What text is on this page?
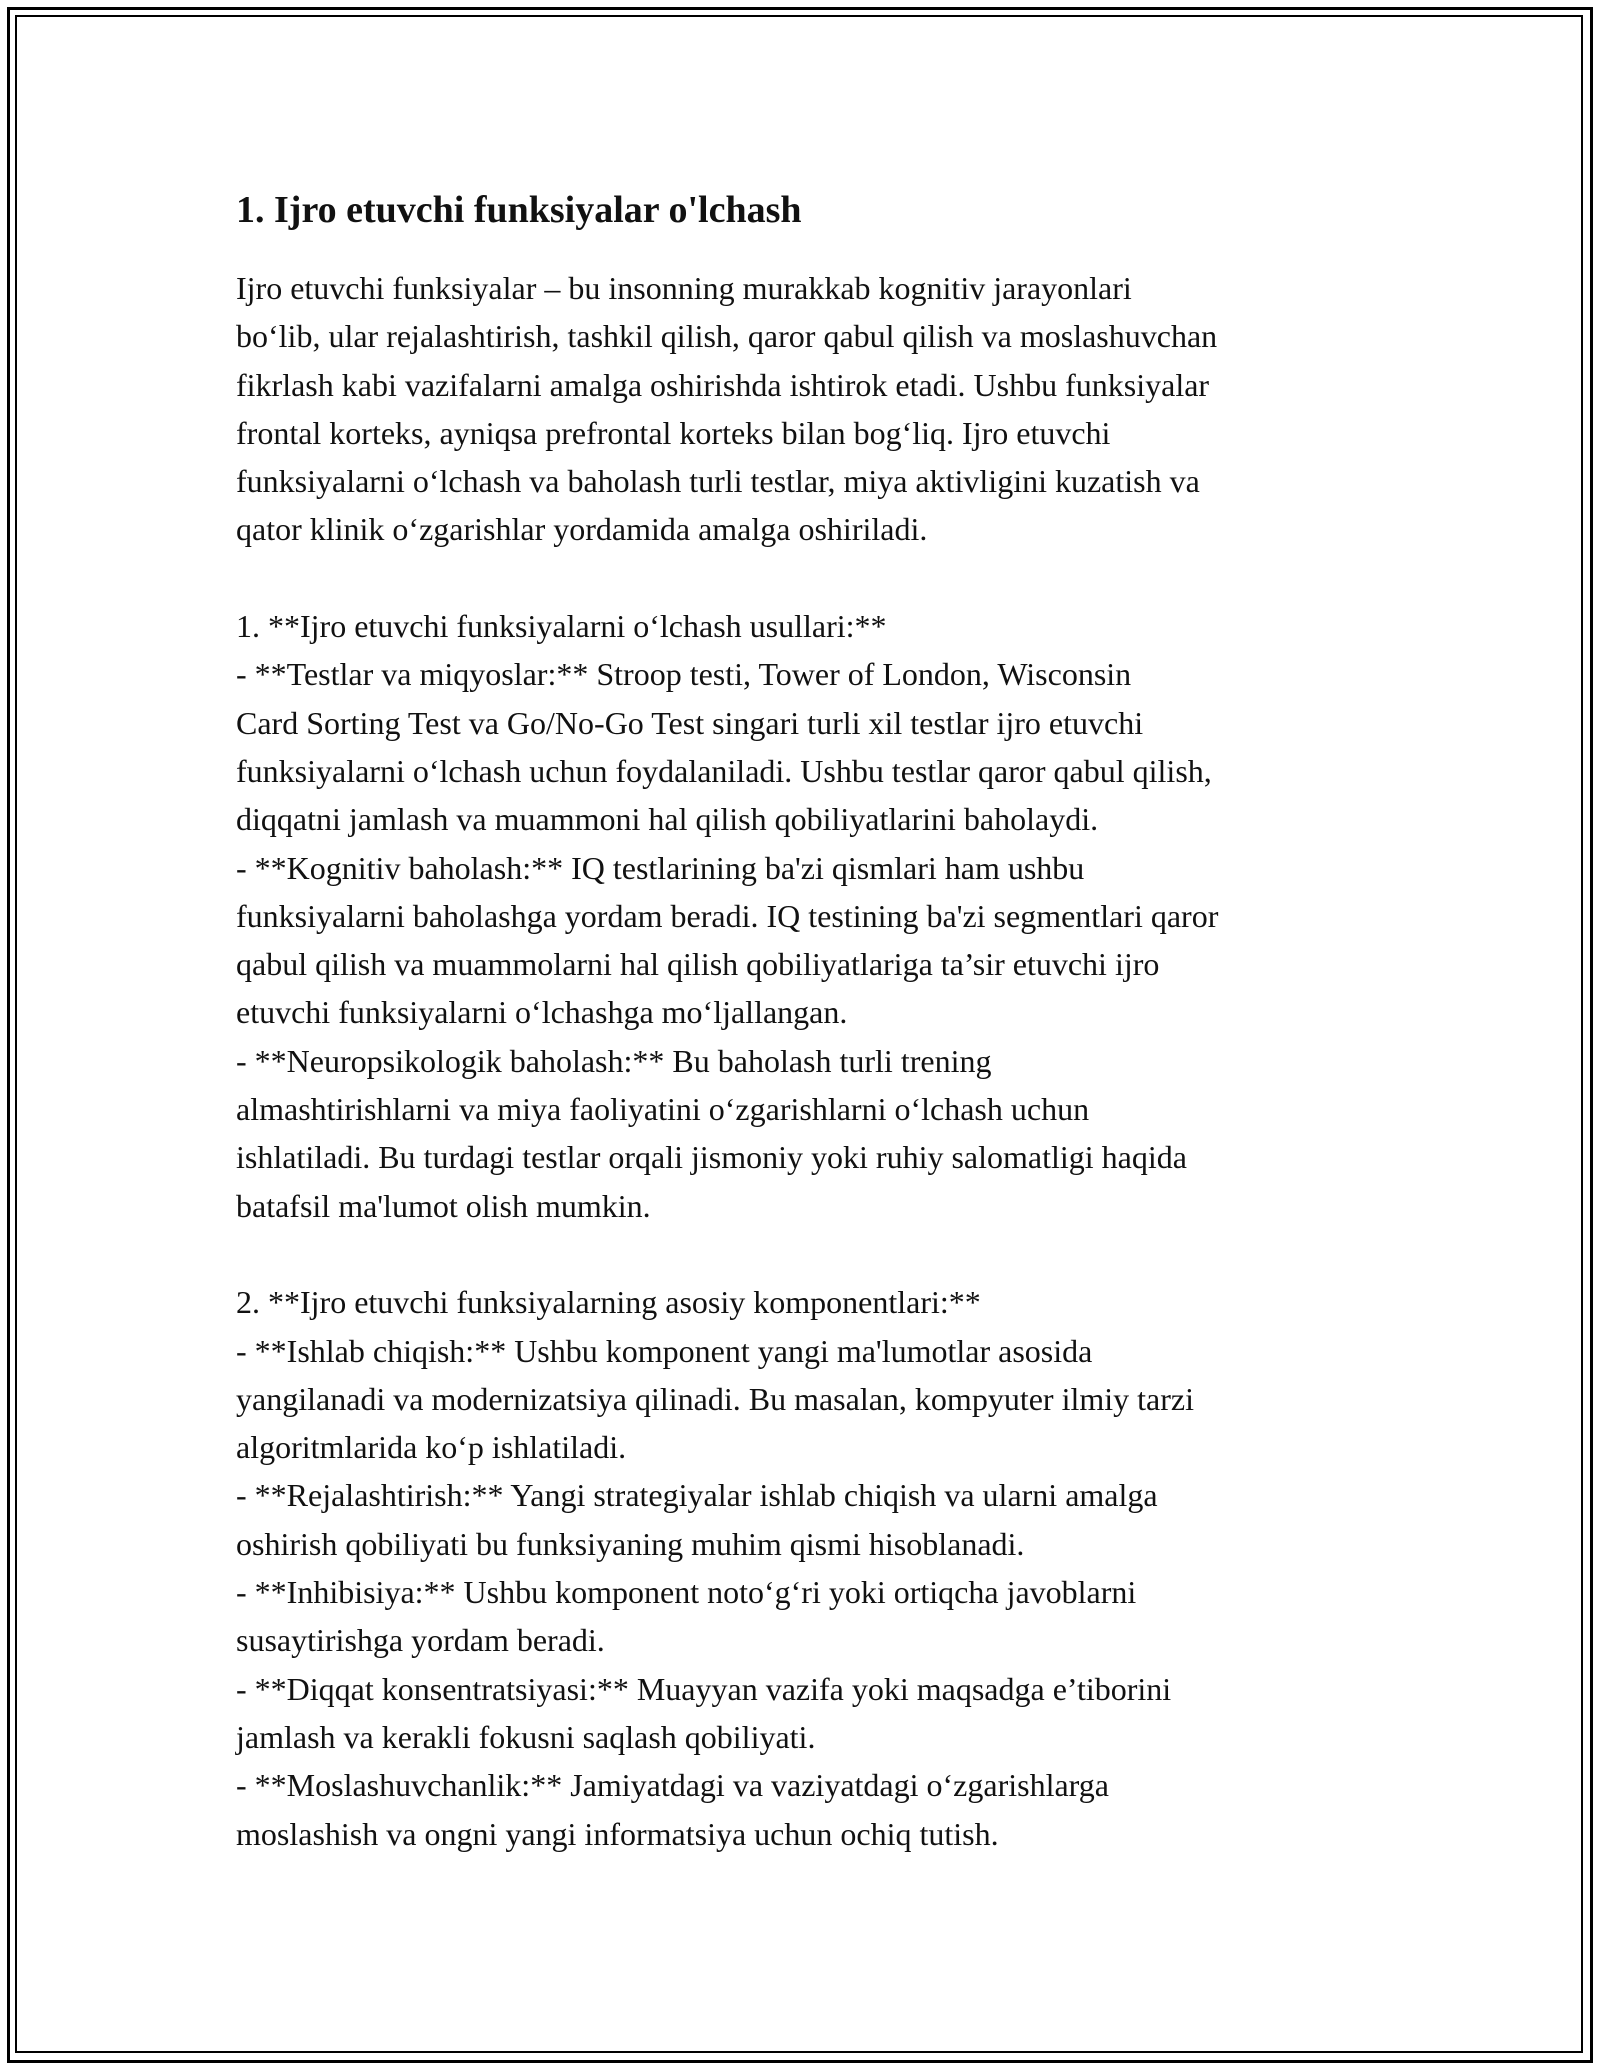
1. Ijro etuvchi funksiyalar o'lchash

Ijro etuvchi funksiyalar – bu insonning murakkab kognitiv jarayonlari
boʻlib, ular rejalashtirish, tashkil qilish, qaror qabul qilish va moslashuvchan
fikrlash kabi vazifalarni amalga oshirishda ishtirok etadi. Ushbu funksiyalar
frontal korteks, ayniqsa prefrontal korteks bilan bogʻliq. Ijro etuvchi
funksiyalarni oʻlchash va baholash turli testlar, miya aktivligini kuzatish va
qator klinik oʻzgarishlar yordamida amalga oshiriladi.

1. **Ijro etuvchi funksiyalarni oʻlchash usullari:**
- **Testlar va miqyoslar:** Stroop testi, Tower of London, Wisconsin
Card Sorting Test va Go/No-Go Test singari turli xil testlar ijro etuvchi
funksiyalarni oʻlchash uchun foydalaniladi. Ushbu testlar qaror qabul qilish,
diqqatni jamlash va muammoni hal qilish qobiliyatlarini baholaydi.
- **Kognitiv baholash:** IQ testlarining ba'zi qismlari ham ushbu
funksiyalarni baholashga yordam beradi. IQ testining ba'zi segmentlari qaror
qabul qilish va muammolarni hal qilish qobiliyatlariga ta’sir etuvchi ijro
etuvchi funksiyalarni oʻlchashga moʻljallangan.
- **Neuropsikologik baholash:** Bu baholash turli trening
almashtirishlarni va miya faoliyatini oʻzgarishlarni oʻlchash uchun
ishlatiladi. Bu turdagi testlar orqali jismoniy yoki ruhiy salomatligi haqida
batafsil ma'lumot olish mumkin.

2. **Ijro etuvchi funksiyalarning asosiy komponentlari:**
- **Ishlab chiqish:** Ushbu komponent yangi ma'lumotlar asosida
yangilanadi va modernizatsiya qilinadi. Bu masalan, kompyuter ilmiy tarzi
algoritmlarida koʻp ishlatiladi.
- **Rejalashtirish:** Yangi strategiyalar ishlab chiqish va ularni amalga
oshirish qobiliyati bu funksiyaning muhim qismi hisoblanadi.
- **Inhibisiya:** Ushbu komponent notoʻgʻri yoki ortiqcha javoblarni
susaytirishga yordam beradi.
- **Diqqat konsentratsiyasi:** Muayyan vazifa yoki maqsadga e’tiborini
jamlash va kerakli fokusni saqlash qobiliyati.
- **Moslashuvchanlik:** Jamiyatdagi va vaziyatdagi oʻzgarishlarga
moslashish va ongni yangi informatsiya uchun ochiq tutish.
